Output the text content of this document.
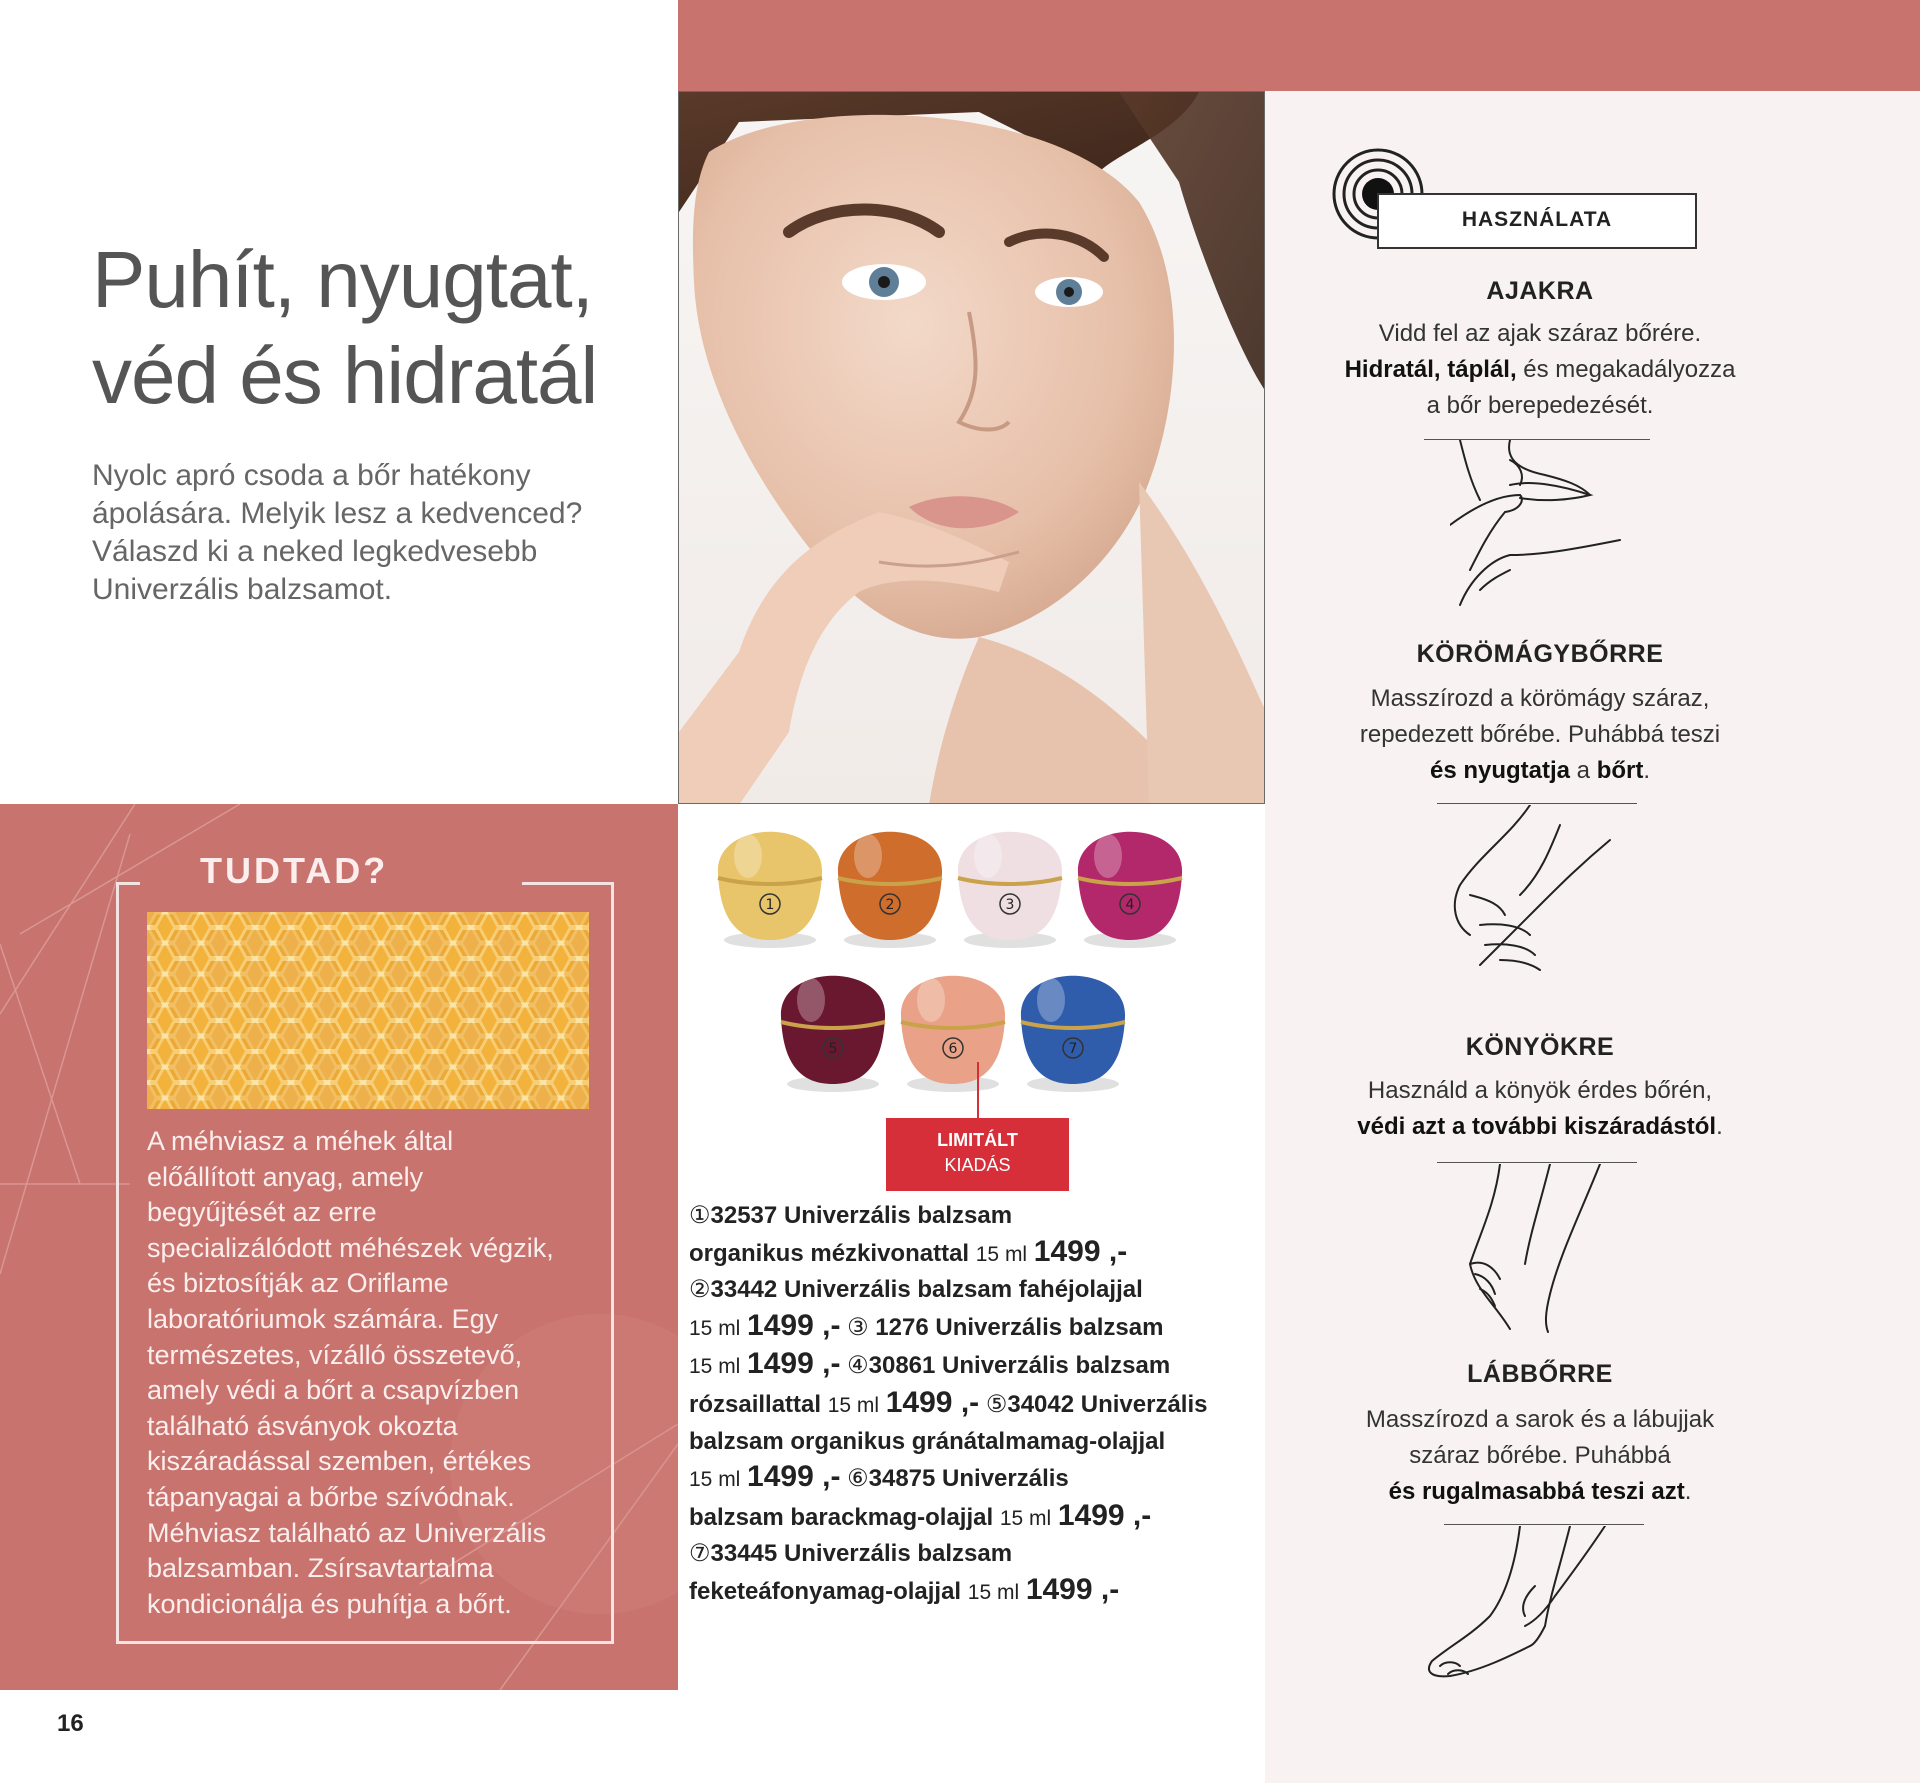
Puhít, nyugtat,
véd és hidratál

Nyolc apró csoda a bőr hatékony
ápolására. Melyik lesz a kedvenced?
Válaszd ki a neked legkedvesebb
Univerzális balzsamot.

TUDTAD?
A méhviasz a méhek által
előállított anyag, amely
begyűjtését az erre
specializálódott méhészek végzik,
és biztosítják az Oriflame
laboratóriumok számára. Egy
természetes, vízálló összetevő,
amely védi a bőrt a csapvízben
található ásványok okozta
kiszáradással szemben, értékes
tápanyagai a bőrbe szívódnak.
Méhviasz található az Univerzális
balzsamban. Zsírsavtartalma
kondicionálja és puhítja a bőrt.
1	2	3	4
5	6	7
LIMITÁLT
KIADÁS
①32537 Univerzális balzsam
organikus mézkivonattal 15 ml 1499 ,-
②33442 Univerzális balzsam fahéjolajjal
15 ml 1499 ,- ③ 1276 Univerzális balzsam
15 ml 1499 ,- ④30861 Univerzális balzsam
rózsaillattal 15 ml 1499 ,- ⑤34042 Univerzális
balzsam organikus gránátalmamag-olajjal
15 ml 1499 ,- ⑥34875 Univerzális
balzsam barackmag-olajjal 15 ml 1499 ,-
⑦33445 Univerzális balzsam
feketeáfonyamag-olajjal 15 ml 1499 ,-
HASZNÁLATA
AJAKRA
Vidd fel az ajak száraz bőrére.
Hidratál, táplál, és megakadályozza
a bőr berepedezését.
KÖRÖMÁGYBŐRRE
Masszírozd a körömágy száraz,
repedezett bőrébe. Puhábbá teszi
és nyugtatja a bőrt.
KÖNYÖKRE
Használd a könyök érdes bőrén,
védi azt a további kiszáradástól.
LÁBBŐRRE
Masszírozd a sarok és a lábujjak
száraz bőrébe. Puhábbá
és rugalmasabbá teszi azt.
16
